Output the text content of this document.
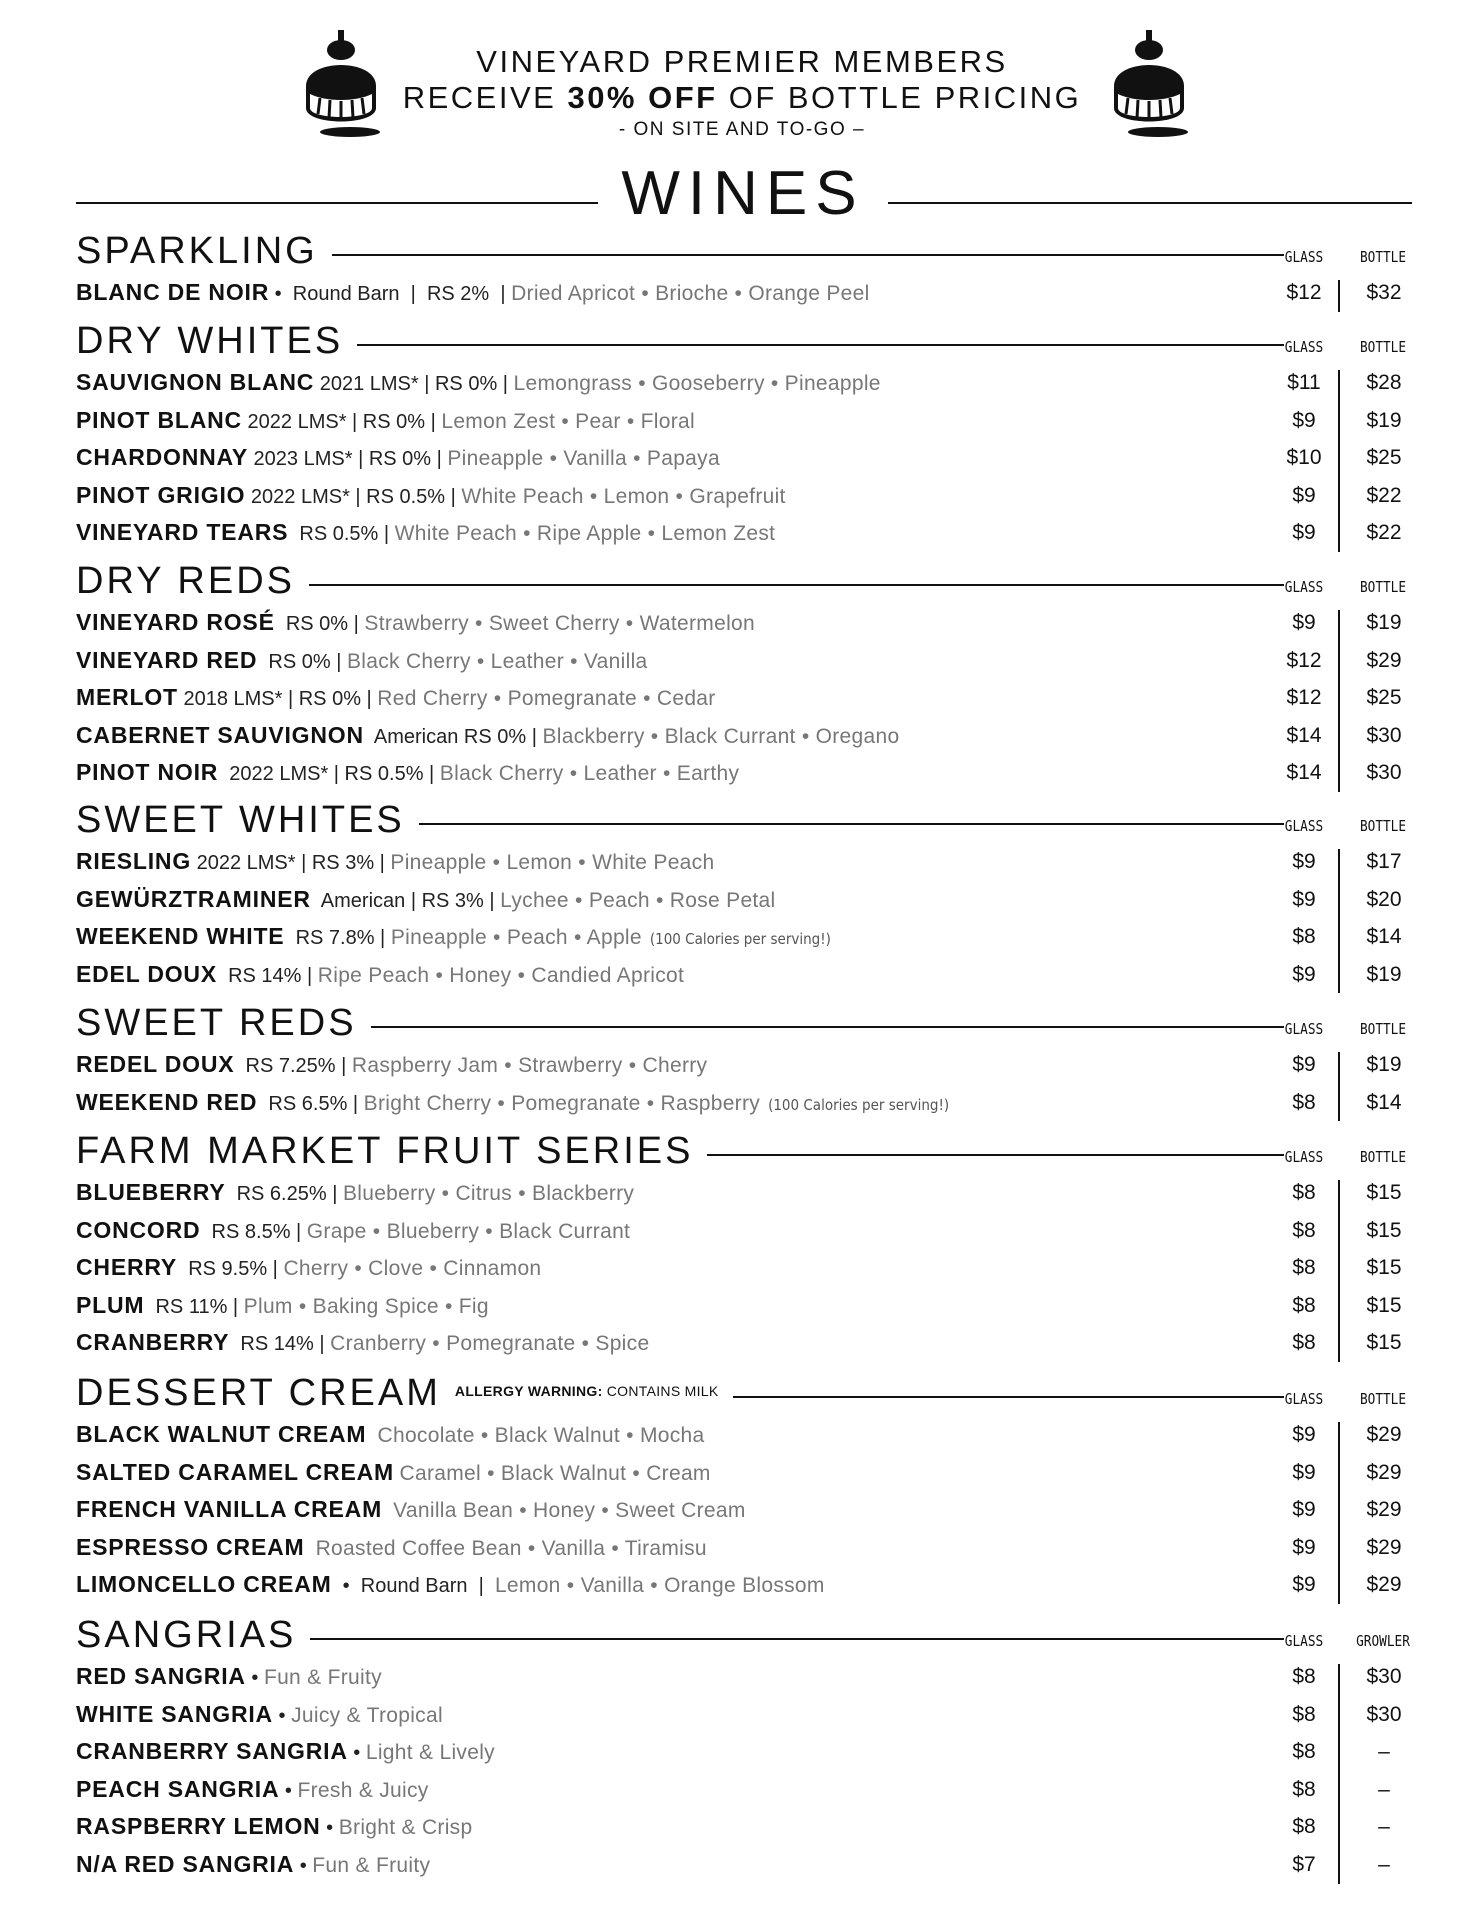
VINEYARD PREMIER MEMBERS
RECEIVE 30% OFF OF BOTTLE PRICING
- ON SITE AND TO-GO –
WINES
SPARKLING	GLASS	BOTTLE
BLANC DE NOIR •  Round Barn  |  RS 2%  | Dried Apricot • Brioche • Orange Peel	$12	$32
DRY WHITES	GLASS	BOTTLE
SAUVIGNON BLANC 2021 LMS* | RS 0% | Lemongrass • Gooseberry • Pineapple	$11	$28
PINOT BLANC 2022 LMS* | RS 0% | Lemon Zest • Pear • Floral	$9	$19
CHARDONNAY 2023 LMS* | RS 0% | Pineapple • Vanilla • Papaya	$10	$25
PINOT GRIGIO 2022 LMS* | RS 0.5% | White Peach • Lemon • Grapefruit	$9	$22
VINEYARD TEARS  RS 0.5% | White Peach • Ripe Apple • Lemon Zest	$9	$22
DRY REDS	GLASS	BOTTLE
VINEYARD ROSÉ  RS 0% | Strawberry • Sweet Cherry • Watermelon	$9	$19
VINEYARD RED  RS 0% | Black Cherry • Leather • Vanilla	$12	$29
MERLOT 2018 LMS* | RS 0% | Red Cherry • Pomegranate • Cedar	$12	$25
CABERNET SAUVIGNON  American RS 0% | Blackberry • Black Currant • Oregano	$14	$30
PINOT NOIR  2022 LMS* | RS 0.5% | Black Cherry • Leather • Earthy	$14	$30
SWEET WHITES	GLASS	BOTTLE
RIESLING 2022 LMS* | RS 3% | Pineapple • Lemon • White Peach	$9	$17
GEWÜRZTRAMINER  American | RS 3% | Lychee • Peach • Rose Petal	$9	$20
WEEKEND WHITE  RS 7.8% | Pineapple • Peach • Apple (100 Calories per serving!)	$8	$14
EDEL DOUX  RS 14% | Ripe Peach • Honey • Candied Apricot	$9	$19
SWEET REDS	GLASS	BOTTLE
REDEL DOUX  RS 7.25% | Raspberry Jam • Strawberry • Cherry	$9	$19
WEEKEND RED  RS 6.5% | Bright Cherry • Pomegranate • Raspberry (100 Calories per serving!)	$8	$14
FARM MARKET FRUIT SERIES	GLASS	BOTTLE
BLUEBERRY  RS 6.25% | Blueberry • Citrus • Blackberry	$8	$15
CONCORD  RS 8.5% | Grape • Blueberry • Black Currant	$8	$15
CHERRY  RS 9.5% | Cherry • Clove • Cinnamon	$8	$15
PLUM  RS 11% | Plum • Baking Spice • Fig	$8	$15
CRANBERRY  RS 14% | Cranberry • Pomegranate • Spice	$8	$15
DESSERT CREAM ALLERGY WARNING: CONTAINS MILK	GLASS	BOTTLE
BLACK WALNUT CREAM Chocolate • Black Walnut • Mocha	$9	$29
SALTED CARAMEL CREAM Caramel • Black Walnut • Cream	$9	$29
FRENCH VANILLA CREAM Vanilla Bean • Honey • Sweet Cream	$9	$29
ESPRESSO CREAM Roasted Coffee Bean • Vanilla • Tiramisu	$9	$29
LIMONCELLO CREAM  •  Round Barn  |  Lemon • Vanilla • Orange Blossom	$9	$29
SANGRIAS	GLASS	GROWLER
RED SANGRIA • Fun & Fruity	$8	$30
WHITE SANGRIA • Juicy & Tropical	$8	$30
CRANBERRY SANGRIA • Light & Lively	$8	–
PEACH SANGRIA • Fresh & Juicy	$8	–
RASPBERRY LEMON • Bright & Crisp	$8	–
N/A RED SANGRIA • Fun & Fruity	$7	–
